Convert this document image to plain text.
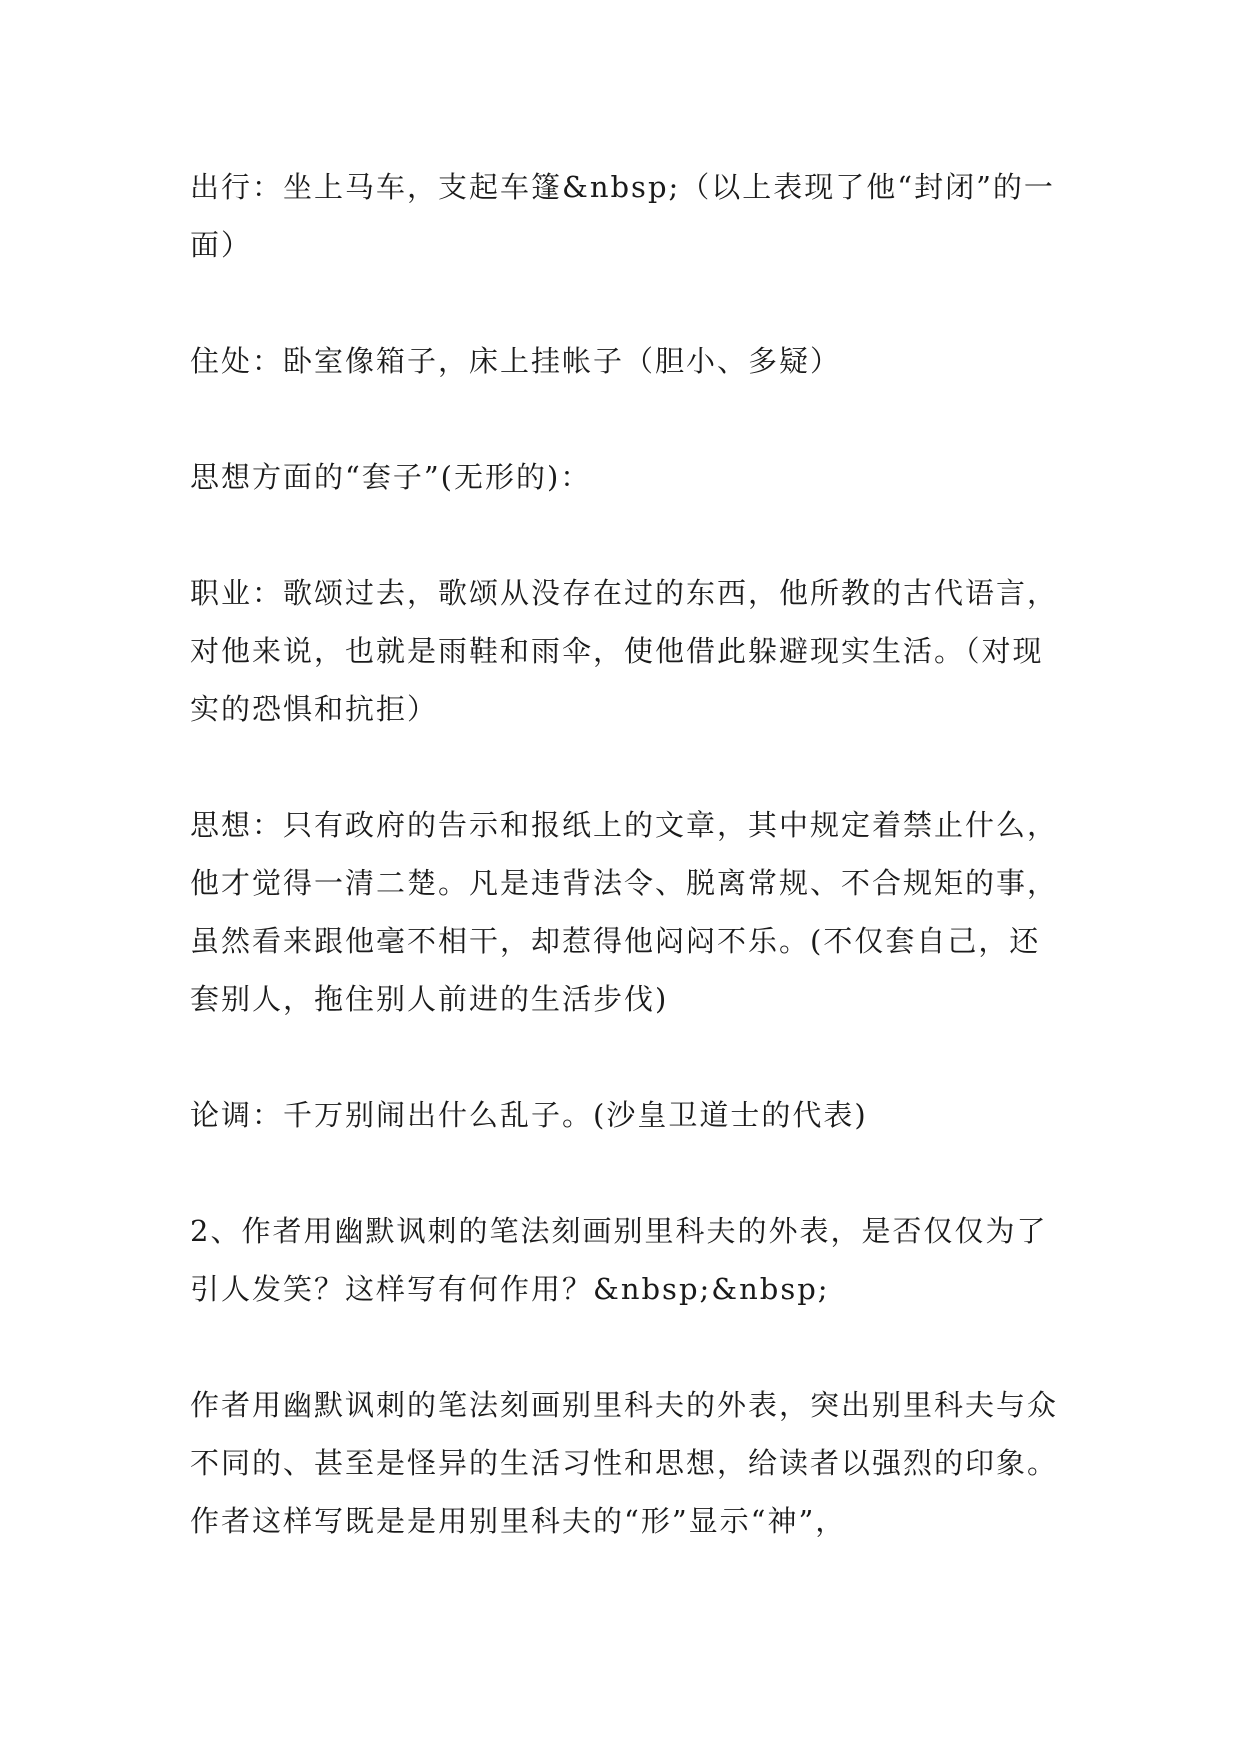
出行：坐上马车，支起车篷&nbsp;（以上表现了他“封闭”的一面）

住处：卧室像箱子，床上挂帐子（胆小、多疑）

思想方面的“套子”(无形的)：

职业：歌颂过去，歌颂从没存在过的东西，他所教的古代语言，对他来说，也就是雨鞋和雨伞，使他借此躲避现实生活。（对现实的恐惧和抗拒）

思想：只有政府的告示和报纸上的文章，其中规定着禁止什么，他才觉得一清二楚。凡是违背法令、脱离常规、不合规矩的事，虽然看来跟他毫不相干，却惹得他闷闷不乐。(不仅套自己，还套别人，拖住别人前进的生活步伐)

论调：千万别闹出什么乱子。(沙皇卫道士的代表)

2、作者用幽默讽刺的笔法刻画别里科夫的外表，是否仅仅为了引人发笑？这样写有何作用？&nbsp;&nbsp;

作者用幽默讽刺的笔法刻画别里科夫的外表，突出别里科夫与众不同的、甚至是怪异的生活习性和思想，给读者以强烈的印象。作者这样写既是是用别里科夫的“形”显示“神”，
